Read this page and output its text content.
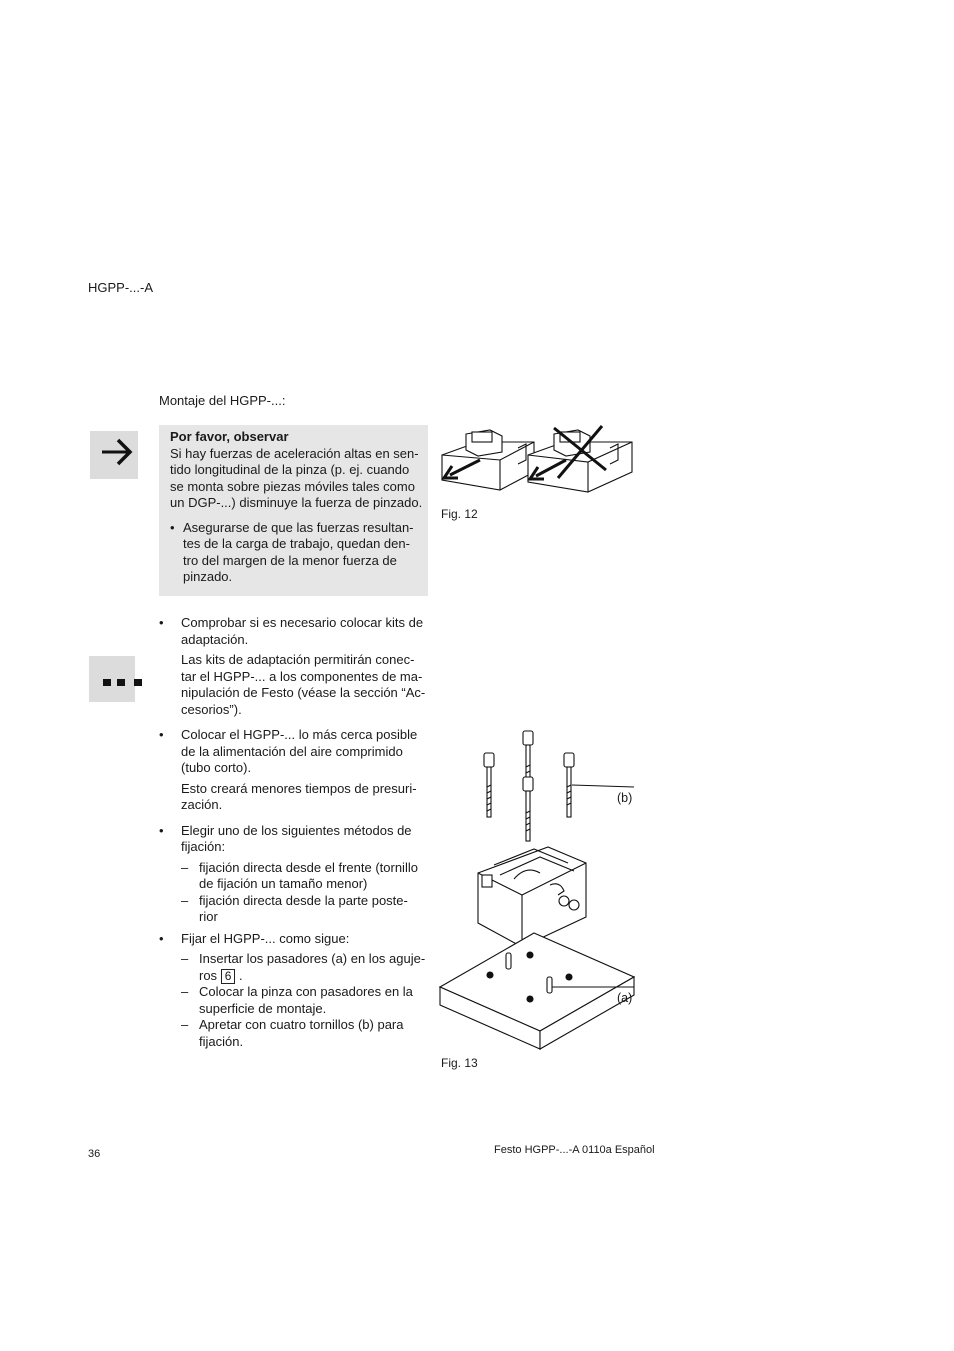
HGPP-...-A
Montaje del HGPP-...:
Por favor, observar
Si hay fuerzas de aceleración altas en sen-
tido longitudinal de la pinza (p. ej. cuando
se monta sobre piezas móviles tales como
un DGP-...) disminuye la fuerza de pinzado.
• Asegurarse de que las fuerzas resultan-
tes de la carga de trabajo, quedan den-
tro del margen de la menor fuerza de
pinzado.
Fig. 12
• Comprobar si es necesario colocar kits de
adaptación.
Las kits de adaptación permitirán conec-
tar el HGPP-... a los componentes de ma-
nipulación de Festo (véase la sección “Ac-
cesorios”).
• Colocar el HGPP-... lo más cerca posible
de la alimentación del aire comprimido
(tubo corto).
Esto creará menores tiempos de presuri-
zación.
• Elegir uno de los siguientes métodos de
fijación:
– fijación directa desde el frente (tornillo
de fijación un tamaño menor)
– fijación directa desde la parte poste-
rior
• Fijar el HGPP-... como sigue:
– Insertar los pasadores (a) en los aguje-
ros 6 .
– Colocar la pinza con pasadores en la
superficie de montaje.
– Apretar con cuatro tornillos (b) para
fijación.
(b)
(a)
Fig. 13
36	Festo HGPP-...-A 0110a Español
